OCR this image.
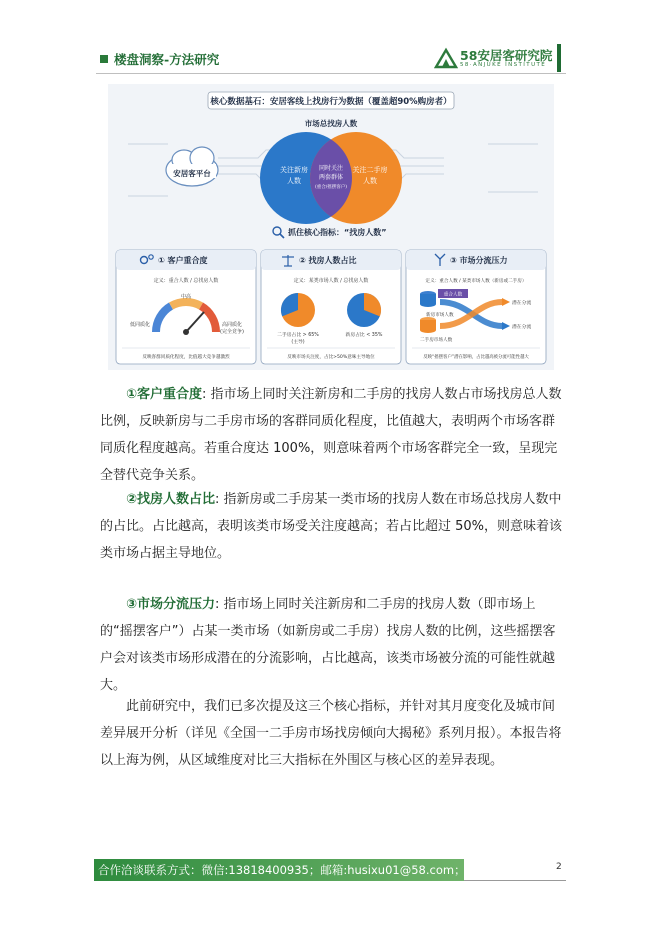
楼盘洞察-方法研究	58安居客研究院
58·ANJUKE INSTITUTE
核心数据基石：安居客线上找房行为数据（覆盖超90%购房者）
市场总找房人数
安居客平台	关注新房
人数
关注二手房
人数
同时关注
两套群体
(重合/摇摆客户)
抓住核心指标：“找房人数”
① 客户重合度
定义：重合人数 / 总找房人数
中高
低同质化	高同质化
(完全竞争)
反映客群同质化程度，比值越大竞争越激烈
② 找房人数占比
定义：某类市场人数 / 总找房人数
二手房占比 > 65%
(主导)
新房占比 < 35%
反映市场关注度，占比>50%意味主导地位
③ 市场分流压力
定义：重合人数 / 某类市场人数（新房或二手房）
新房市场人数
二手房市场人数
重合人数
潜在分流
潜在分流
反映“摇摆客户”潜在影响，占比越高被分流可能性越大

①客户重合度: 指市场上同时关注新房和二手房的找房人数占市场找房总人数比例，反映新房与二手房市场的客群同质化程度，比值越大，表明两个市场客群同质化程度越高。若重合度达 100%，则意味着两个市场客群完全一致，呈现完全替代竞争关系。

②找房人数占比: 指新房或二手房某一类市场的找房人数在市场总找房人数中的占比。占比越高，表明该类市场受关注度越高；若占比超过 50%，则意味着该类市场占据主导地位。

③市场分流压力: 指市场上同时关注新房和二手房的找房人数（即市场上的“摇摆客户”）占某一类市场（如新房或二手房）找房人数的比例，这些摇摆客户会对该类市场形成潜在的分流影响，占比越高，该类市场被分流的可能性就越大。

此前研究中，我们已多次提及这三个核心指标，并针对其月度变化及城市间差异展开分析（详见《全国一二手房市场找房倾向大揭秘》系列月报）。本报告将以上海为例，从区域维度对比三大指标在外围区与核心区的差异表现。

合作洽谈联系方式：微信:13818400935；邮箱:husixu01@58.com；	2
